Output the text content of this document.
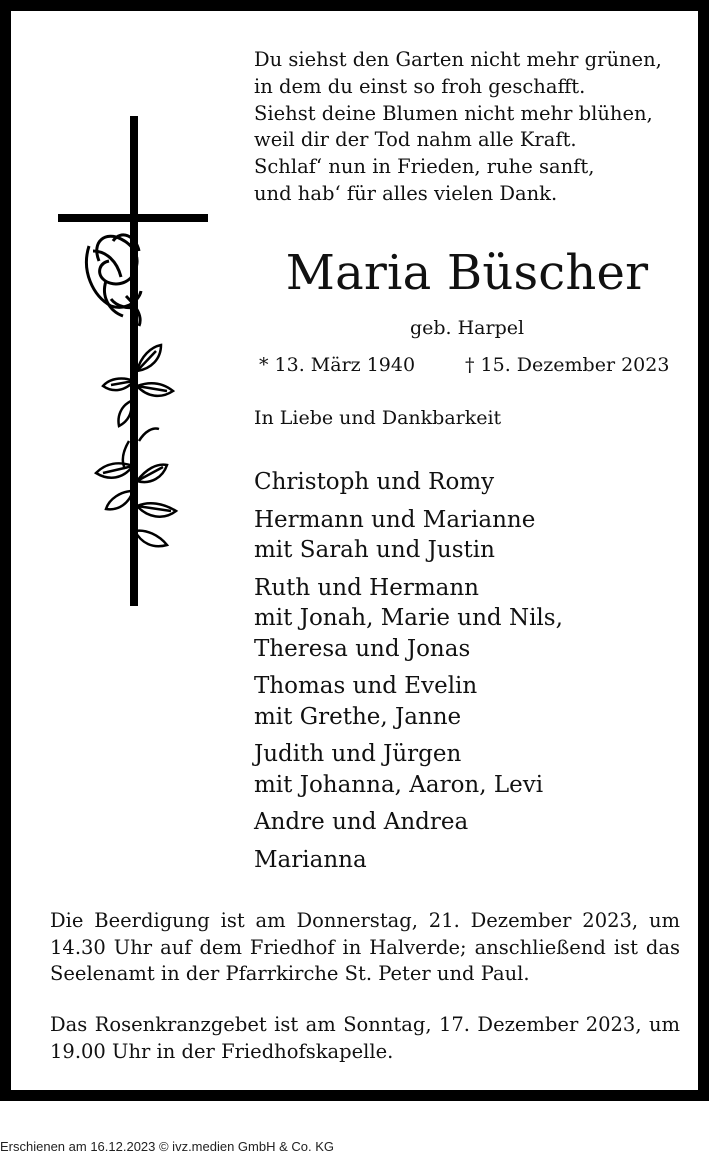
Du siehst den Garten nicht mehr grünen,
in dem du einst so froh geschafft.
Siehst deine Blumen nicht mehr blühen,
weil dir der Tod nahm alle Kraft.
Schlaf‘ nun in Frieden, ruhe sanft,
und hab‘ für alles vielen Dank.
Maria Büscher
geb. Harpel
* 13. März 1940	† 15. Dezember 2023
In Liebe und Dankbarkeit
Christoph und Romy
Hermann und Marianne
mit Sarah und Justin
Ruth und Hermann
mit Jonah, Marie und Nils,
Theresa und Jonas
Thomas und Evelin
mit Grethe, Janne
Judith und Jürgen
mit Johanna, Aaron, Levi
Andre und Andrea
Marianna
Die Beerdigung ist am Donnerstag, 21. Dezember 2023, um 14.30 Uhr auf dem Friedhof in Halverde; anschließend ist das Seelenamt in der Pfarrkirche St. Peter und Paul.
Das Rosenkranzgebet ist am Sonntag, 17. Dezember 2023, um 19.00 Uhr in der Friedhofskapelle.
Erschienen am 16.12.2023 © ivz.medien GmbH & Co. KG
